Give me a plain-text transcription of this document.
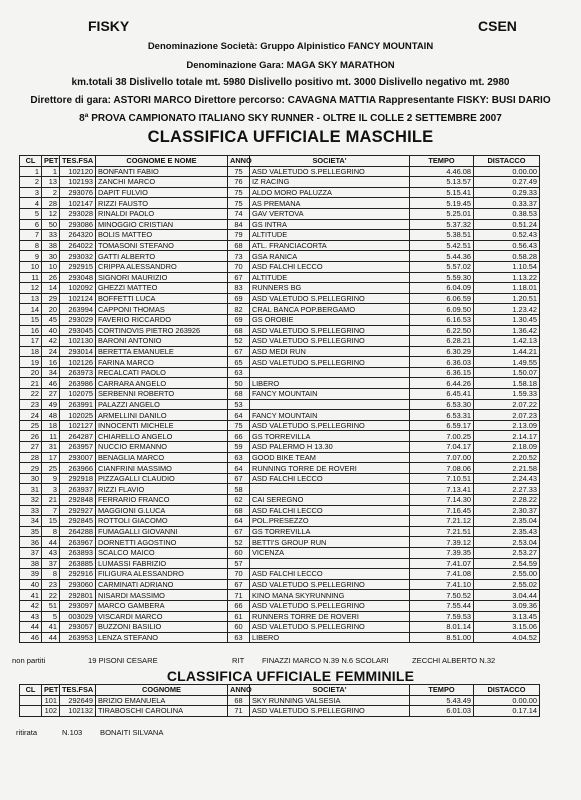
FISKY	CSEN
Denominazione Società: Gruppo Alpinistico FANCY MOUNTAIN
Denominazione Gara: MAGA SKY MARATHON
km.totali 38 Dislivello totale mt. 5980 Dislivello positivo mt. 3000 Dislivello negativo mt. 2980
Direttore di gara: ASTORI MARCO Direttore percorso: CAVAGNA MATTIA Rappresentante FISKY: BUSI DARIO
8ª PROVA CAMPIONATO ITALIANO SKY RUNNER - OLTRE IL COLLE 2 SETTEMBRE 2007
CLASSIFICA UFFICIALE MASCHILE
CL	PET	TES.FSA	COGNOME E NOME	ANNO	SOCIETA'	TEMPO	DISTACCO
1	1	102120	BONFANTI FABIO	75	ASD VALETUDO S.PELLEGRINO	4.46.08	0.00.00
2	13	102193	ZANCHI MARCO	76	IZ RACING	5.13.57	0.27.49
3	2	293076	DAPIT FULVIO	75	ALDO MORO PALUZZA	5.15.41	0.29.33
4	28	102147	RIZZI FAUSTO	75	AS PREMANA	5.19.45	0.33.37
5	12	293028	RINALDI PAOLO	74	GAV VERTOVA	5.25.01	0.38.53
6	50	293086	MINOGGIO CRISTIAN	84	GS INTRA	5.37.32	0.51.24
7	33	264320	BOLIS MATTEO	79	ALTITUDE	5.38.51	0.52.43
8	38	264022	TOMASONI STEFANO	68	ATL. FRANCIACORTA	5.42.51	0.56.43
9	30	293032	GATTI ALBERTO	73	GSA RANICA	5.44.36	0.58.28
10	10	292915	CRIPPA ALESSANDRO	70	ASD FALCHI LECCO	5.57.02	1.10.54
11	26	293048	SIGNORI MAURIZIO	67	ALTITUDE	5.59.30	1.13.22
12	14	102092	GHEZZI MATTEO	83	RUNNERS BG	6.04.09	1.18.01
13	29	102124	BOFFETTI LUCA	69	ASD VALETUDO S.PELLEGRINO	6.06.59	1.20.51
14	20	263994	CAPPONI THOMAS	82	CRAL BANCA POP.BERGAMO	6.09.50	1.23.42
15	45	293029	FAVERIO RICCARDO	69	GS OROBIE	6.16.53	1.30.45
16	40	293045	CORTINOVIS PIETRO 263926	68	ASD VALETUDO S.PELLEGRINO	6.22.50	1.36.42
17	42	102130	BARONI ANTONIO	52	ASD VALETUDO S.PELLEGRINO	6.28.21	1.42.13
18	24	293014	BERETTA EMANUELE	67	ASD MEDI RUN	6.30.29	1.44.21
19	16	102126	FARINA MARCO	65	ASD VALETUDO S.PELLEGRINO	6.36.03	1.49.55
20	34	263973	RECALCATI PAOLO	63		6.36.15	1.50.07
21	46	263986	CARRARA ANGELO	50	LIBERO	6.44.26	1.58.18
22	27	102075	SERBENNI ROBERTO	68	FANCY MOUNTAIN	6.45.41	1.59.33
23	49	263991	PALAZZI ANGELO	53		6.53.30	2.07.22
24	48	102025	ARMELLINI DANILO	64	FANCY MOUNTAIN	6.53.31	2.07.23
25	18	102127	INNOCENTI MICHELE	75	ASD VALETUDO S.PELLEGRINO	6.59.17	2.13.09
26	11	264287	CHIARELLO ANGELO	66	GS TORREVILLA	7.00.25	2.14.17
27	31	263957	NUCCIO ERMANNO	59	ASD PALERMO H 13.30	7.04.17	2.18.09
28	17	293007	BENAGLIA MARCO	63	GOOD BIKE TEAM	7.07.00	2.20.52
29	25	263966	CIANFRINI MASSIMO	64	RUNNING TORRE DE ROVERI	7.08.06	2.21.58
30	9	292918	PIZZAGALLI CLAUDIO	67	ASD FALCHI LECCO	7.10.51	2.24.43
31	3	263937	RIZZI FLAVIO	58		7.13.41	2.27.33
32	21	292848	FERRARIO FRANCO	62	CAI SEREGNO	7.14.30	2.28.22
33	7	292927	MAGGIONI G.LUCA	68	ASD FALCHI LECCO	7.16.45	2.30.37
34	15	292845	ROTTOLI GIACOMO	64	POL.PRESEZZO	7.21.12	2.35.04
35	8	264288	FUMAGALLI GIOVANNI	67	GS TORREVILLA	7.21.51	2.35.43
36	44	263967	DORNETTI AGOSTINO	52	BETTI'S GROUP RUN	7.39.12	2.53.04
37	43	263893	SCALCO MAICO	60	VICENZA	7.39.35	2.53.27
38	37	263885	LUMASSI FABRIZIO	57		7.41.07	2.54.59
39	8	292916	FILIGURA ALESSANDRO	70	ASD FALCHI LECCO	7.41.08	2.55.00
40	23	293060	CARMINATI ADRIANO	67	ASD VALETUDO S.PELLEGRINO	7.41.10	2.55.02
41	22	292801	NISARDI MASSIMO	71	KINO MANA SKYRUNNING	7.50.52	3.04.44
42	51	293097	MARCO GAMBERA	66	ASD VALETUDO S.PELLEGRINO	7.55.44	3.09.36
43	5	003029	VISCARDI MARCO	61	RUNNERS TORRE DE ROVERI	7.59.53	3.13.45
44	41	293057	BUZZONI BASILIO	60	ASD VALETUDO S.PELLEGRINO	8.01.14	3.15.06
46	44	263953	LENZA STEFANO	63	LIBERO	8.51.00	4.04.52
non partiti	19 PISONI CESARE	RIT FINAZZI MARCO N.39 N.6 SCOLARI	ZECCHI ALBERTO N.32
CLASSIFICA UFFICIALE FEMMINILE
CL	PET	TES.FSA	COGNOME	ANNO	SOCIETA'	TEMPO	DISTACCO
	101	292649	BRIZIO EMANUELA	68	SKY RUNNING VALSESIA	5.43.49	0.00.00
	102	102132	TIRABOSCHI CAROLINA	71	ASD VALETUDO S.PELLEGRINO	6.01.03	0.17.14
ritirata	N.103 BONAITI SILVANA
